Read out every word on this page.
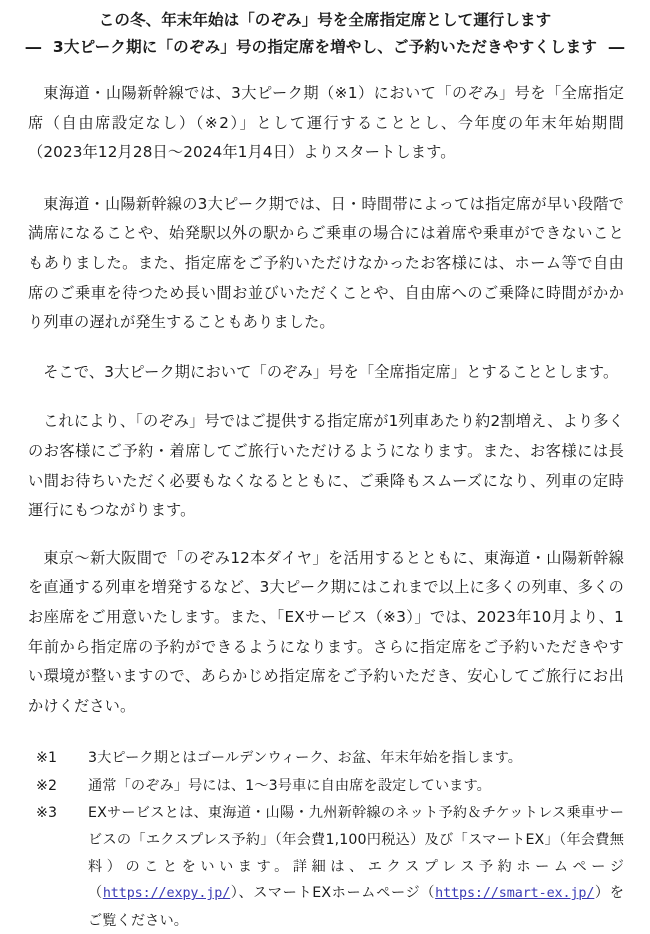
この冬、年末年始は「のぞみ」号を全席指定席として運行します
― 3大ピーク期に「のぞみ」号の指定席を増やし、ご予約いただきやすくします ―

東海道・山陽新幹線では、3大ピーク期（※1）において「のぞみ」号を「全席指定席（自由席設定なし）（※2）」として運行することとし、今年度の年末年始期間（2023年12月28日〜2024年1月4日）よりスタートします。

東海道・山陽新幹線の3大ピーク期では、日・時間帯によっては指定席が早い段階で満席になることや、始発駅以外の駅からご乗車の場合には着席や乗車ができないこともありました。また、指定席をご予約いただけなかったお客様には、ホーム等で自由席のご乗車を待つため長い間お並びいただくことや、自由席へのご乗降に時間がかかり列車の遅れが発生することもありました。

そこで、3大ピーク期において「のぞみ」号を「全席指定席」とすることとします。

これにより、「のぞみ」号ではご提供する指定席が1列車あたり約2割増え、より多くのお客様にご予約・着席してご旅行いただけるようになります。また、お客様には長い間お待ちいただく必要もなくなるとともに、ご乗降もスムーズになり、列車の定時運行にもつながります。

東京〜新大阪間で「のぞみ12本ダイヤ」を活用するとともに、東海道・山陽新幹線を直通する列車を増発するなど、3大ピーク期にはこれまで以上に多くの列車、多くのお座席をご用意いたします。また、「EXサービス（※3）」では、2023年10月より、1年前から指定席の予約ができるようになります。さらに指定席をご予約いただきやすい環境が整いますので、あらかじめ指定席をご予約いただき、安心してご旅行にお出かけください。

※1	3大ピーク期とはゴールデンウィーク、お盆、年末年始を指します。
※2	通常「のぞみ」号には、1〜3号車に自由席を設定しています。
※3	EXサービスとは、東海道・山陽・九州新幹線のネット予約＆チケットレス乗車サービスの「エクスプレス予約」（年会費1,100円税込）及び「スマートEX」（年会費無料）のことをいいます。詳細は、エクスプレス予約ホームページ（https://expy.jp/）、スマートEXホームページ（https://smart-ex.jp/）をご覧ください。
